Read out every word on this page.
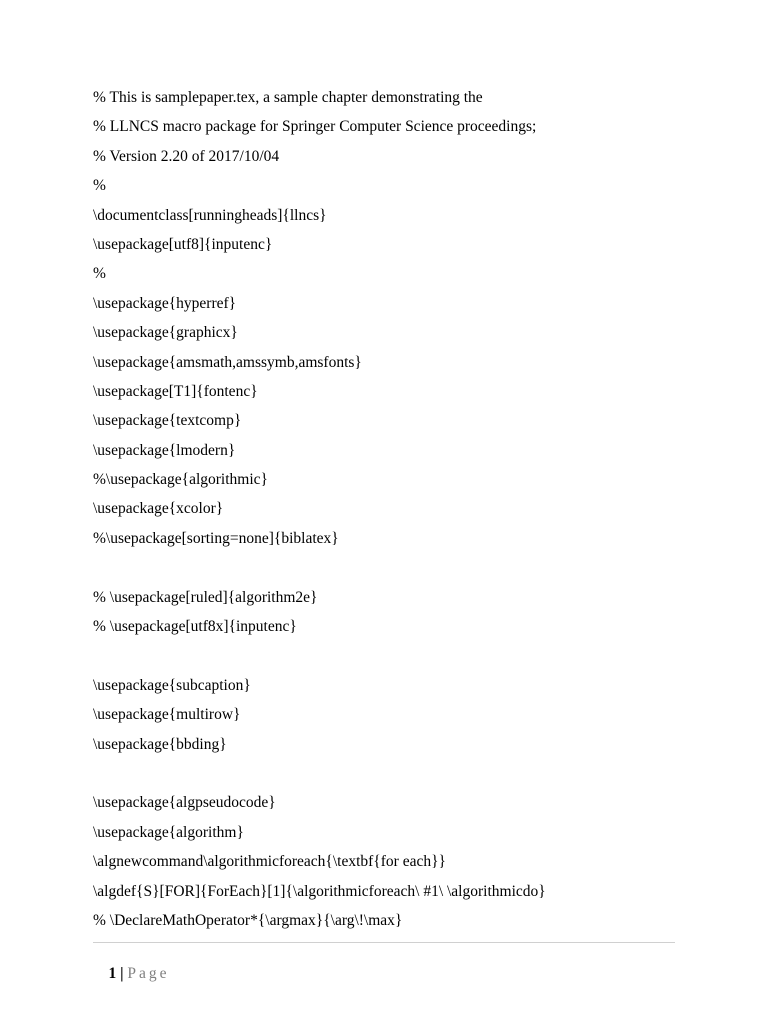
% This is samplepaper.tex, a sample chapter demonstrating the
% LLNCS macro package for Springer Computer Science proceedings;
% Version 2.20 of 2017/10/04
%
\documentclass[runningheads]{llncs}
\usepackage[utf8]{inputenc}
%
\usepackage{hyperref}
\usepackage{graphicx}
\usepackage{amsmath,amssymb,amsfonts}
\usepackage[T1]{fontenc}
\usepackage{textcomp}
\usepackage{lmodern}
%\usepackage{algorithmic}
\usepackage{xcolor}
%\usepackage[sorting=none]{biblatex}
% \usepackage[ruled]{algorithm2e}
% \usepackage[utf8x]{inputenc}
\usepackage{subcaption}
\usepackage{multirow}
\usepackage{bbding}
\usepackage{algpseudocode}
\usepackage{algorithm}
\algnewcommand\algorithmicforeach{\textbf{for each}}
\algdef{S}[FOR]{ForEach}[1]{\algorithmicforeach\ #1\ \algorithmicdo}
% \DeclareMathOperator*{\argmax}{\arg\!\max}

1 | Page
